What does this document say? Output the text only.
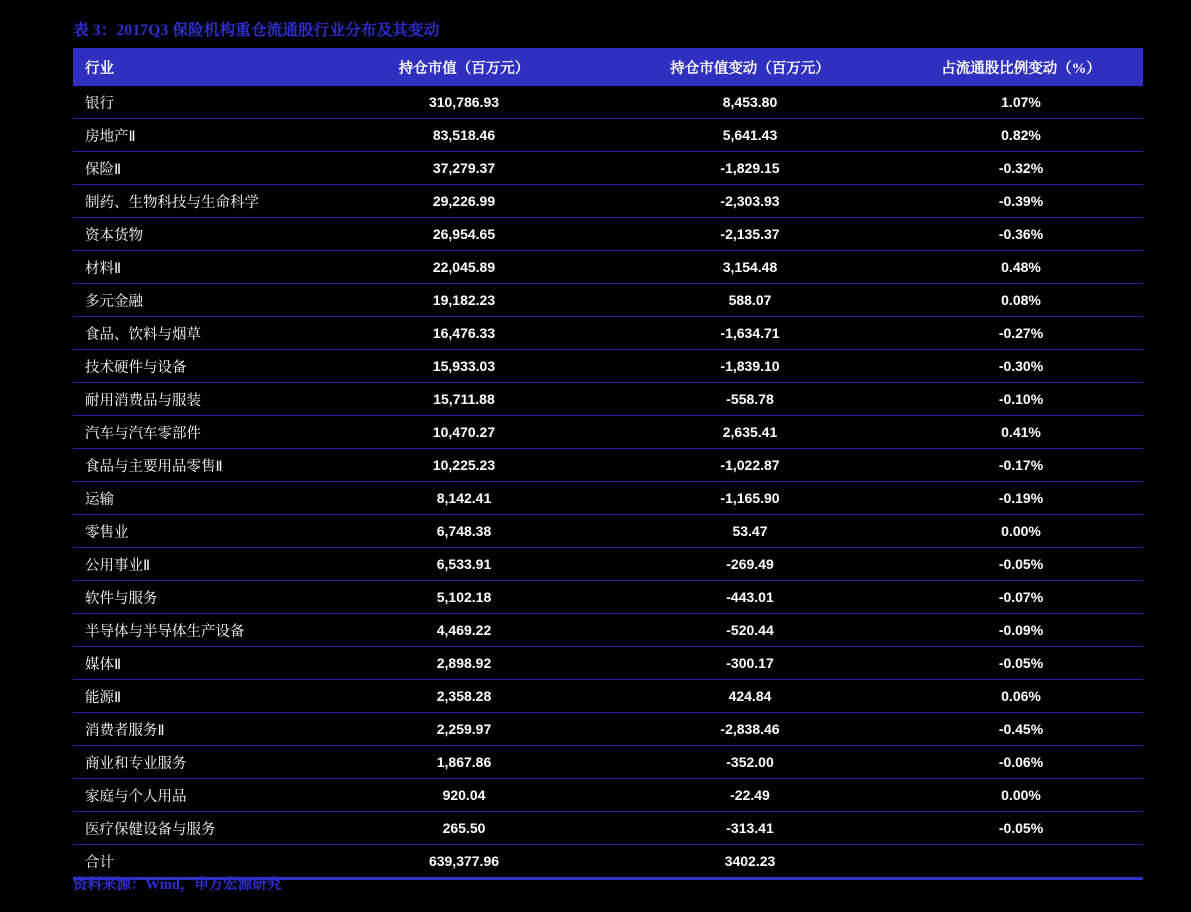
表 3：2017Q3 保险机构重仓流通股行业分布及其变动
行业	持仓市值（百万元）	持仓市值变动（百万元）	占流通股比例变动（%）
银行	310,786.93	8,453.80	1.07%
房地产Ⅱ	83,518.46	5,641.43	0.82%
保险Ⅱ	37,279.37	-1,829.15	-0.32%
制药、生物科技与生命科学	29,226.99	-2,303.93	-0.39%
资本货物	26,954.65	-2,135.37	-0.36%
材料Ⅱ	22,045.89	3,154.48	0.48%
多元金融	19,182.23	588.07	0.08%
食品、饮料与烟草	16,476.33	-1,634.71	-0.27%
技术硬件与设备	15,933.03	-1,839.10	-0.30%
耐用消费品与服装	15,711.88	-558.78	-0.10%
汽车与汽车零部件	10,470.27	2,635.41	0.41%
食品与主要用品零售Ⅱ	10,225.23	-1,022.87	-0.17%
运输	8,142.41	-1,165.90	-0.19%
零售业	6,748.38	53.47	0.00%
公用事业Ⅱ	6,533.91	-269.49	-0.05%
软件与服务	5,102.18	-443.01	-0.07%
半导体与半导体生产设备	4,469.22	-520.44	-0.09%
媒体Ⅱ	2,898.92	-300.17	-0.05%
能源Ⅱ	2,358.28	424.84	0.06%
消费者服务Ⅱ	2,259.97	-2,838.46	-0.45%
商业和专业服务	1,867.86	-352.00	-0.06%
家庭与个人用品	920.04	-22.49	0.00%
医疗保健设备与服务	265.50	-313.41	-0.05%
合计	639,377.96	3402.23	
资料来源：Wind，申万宏源研究
